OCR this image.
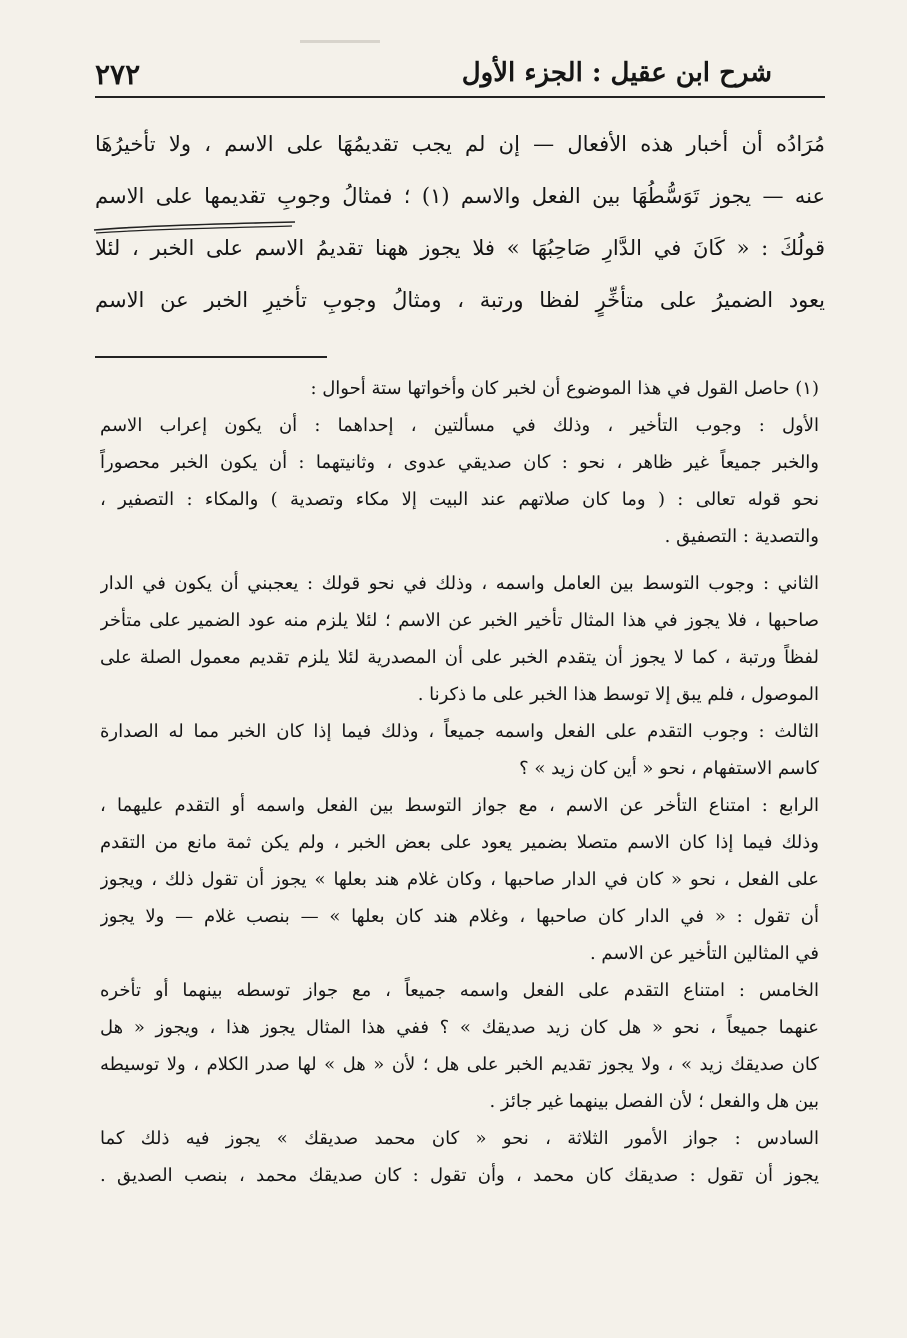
٢٧٢	شرح ابن عقيل : الجزء الأول
مُرَادُه أن أخبار هذه الأفعال — إن لم يجب تقديمُهَا على الاسم ، ولا تأخيرُهَا
عنه — يجوز تَوَسُّطُهَا بين الفعل والاسم (١) ؛ فمثالُ وجوبِ تقديمها على الاسم
قولُكَ : « كَانَ في الدَّارِ صَاحِبُهَا » فلا يجوز ههنا تقديمُ الاسم على الخبر ، لئلا
يعود الضميرُ على متأخِّرٍ لفظا ورتبة ، ومثالُ وجوبِ تأخيرِ الخبر عن الاسم
(١) حاصل القول في هذا الموضوع أن لخبر كان وأخواتها ستة أحوال :
الأول : وجوب التأخير ، وذلك في مسألتين ، إحداهما : أن يكون إعراب الاسم
والخبر جميعاً غير ظاهر ، نحو : كان صديقي عدوى ، وثانيتهما : أن يكون الخبر محصوراً
نحو قوله تعالى : ( وما كان صلاتهم عند البيت إلا مكاء وتصدية ) والمكاء : التصفير ،
والتصدية : التصفيق .
الثاني : وجوب التوسط بين العامل واسمه ، وذلك في نحو قولك : يعجبني أن يكون في الدار
صاحبها ، فلا يجوز في هذا المثال تأخير الخبر عن الاسم ؛ لئلا يلزم منه عود الضمير على متأخر
لفظاً ورتبة ، كما لا يجوز أن يتقدم الخبر على أن المصدرية لئلا يلزم تقديم معمول الصلة على
الموصول ، فلم يبق إلا توسط هذا الخبر على ما ذكرنا .
الثالث : وجوب التقدم على الفعل واسمه جميعاً ، وذلك فيما إذا كان الخبر مما له الصدارة
كاسم الاستفهام ، نحو « أين كان زيد » ؟
الرابع : امتناع التأخر عن الاسم ، مع جواز التوسط بين الفعل واسمه أو التقدم عليهما ،
وذلك فيما إذا كان الاسم متصلا بضمير يعود على بعض الخبر ، ولم يكن ثمة مانع من التقدم
على الفعل ، نحو « كان في الدار صاحبها ، وكان غلام هند بعلها » يجوز أن تقول ذلك ، ويجوز
أن تقول : « في الدار كان صاحبها ، وغلام هند كان بعلها » — بنصب غلام — ولا يجوز
في المثالين التأخير عن الاسم .
الخامس : امتناع التقدم على الفعل واسمه جميعاً ، مع جواز توسطه بينهما أو تأخره
عنهما جميعاً ، نحو « هل كان زيد صديقك » ؟ ففي هذا المثال يجوز هذا ، ويجوز « هل
كان صديقك زيد » ، ولا يجوز تقديم الخبر على هل ؛ لأن « هل » لها صدر الكلام ، ولا توسيطه
بين هل والفعل ؛ لأن الفصل بينهما غير جائز .
السادس : جواز الأمور الثلاثة ، نحو « كان محمد صديقك » يجوز فيه ذلك كما
يجوز أن تقول : صديقك كان محمد ، وأن تقول : كان صديقك محمد ، بنصب الصديق .
